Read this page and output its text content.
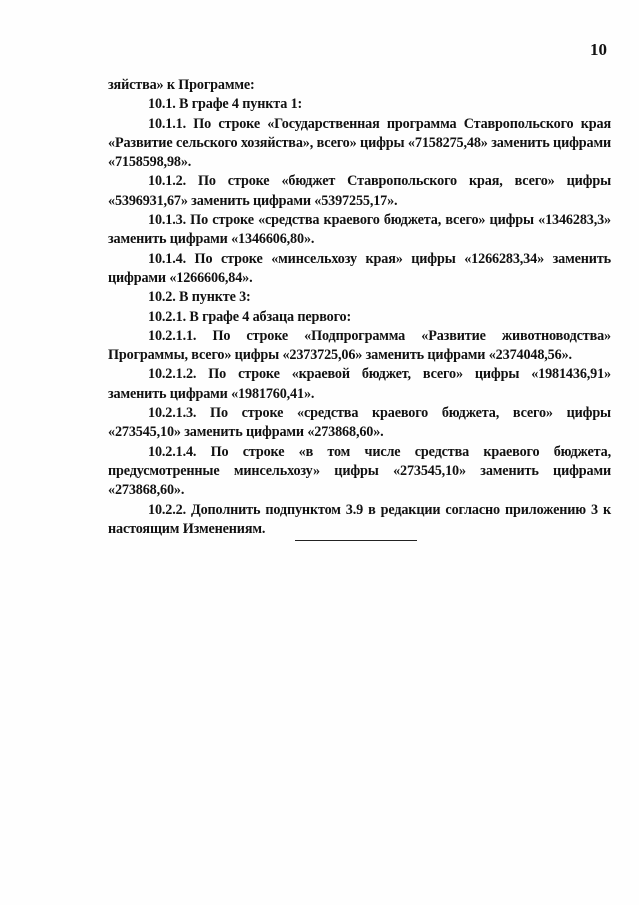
10

зяйства» к Программе:

10.1. В графе 4 пункта 1:

10.1.1. По строке «Государственная программа Ставропольского края «Развитие сельского хозяйства», всего» цифры «7158275,48» заменить цифрами «7158598,98».

10.1.2. По строке «бюджет Ставропольского края, всего» цифры «5396931,67» заменить цифрами «5397255,17».

10.1.3. По строке «средства краевого бюджета, всего» цифры «1346283,3» заменить цифрами «1346606,80».

10.1.4. По строке «минсельхозу края» цифры «1266283,34» заменить цифрами «1266606,84».

10.2. В пункте 3:

10.2.1. В графе 4 абзаца первого:

10.2.1.1. По строке «Подпрограмма «Развитие животноводства» Программы, всего» цифры «2373725,06» заменить цифрами «2374048,56».

10.2.1.2. По строке «краевой бюджет, всего» цифры «1981436,91» заменить цифрами «1981760,41».

10.2.1.3. По строке «средства краевого бюджета, всего» цифры «273545,10» заменить цифрами «273868,60».

10.2.1.4. По строке «в том числе средства краевого бюджета, предусмотренные минсельхозу» цифры «273545,10» заменить цифрами «273868,60».

10.2.2. Дополнить подпунктом 3.9 в редакции согласно приложению 3 к настоящим Изменениям.
